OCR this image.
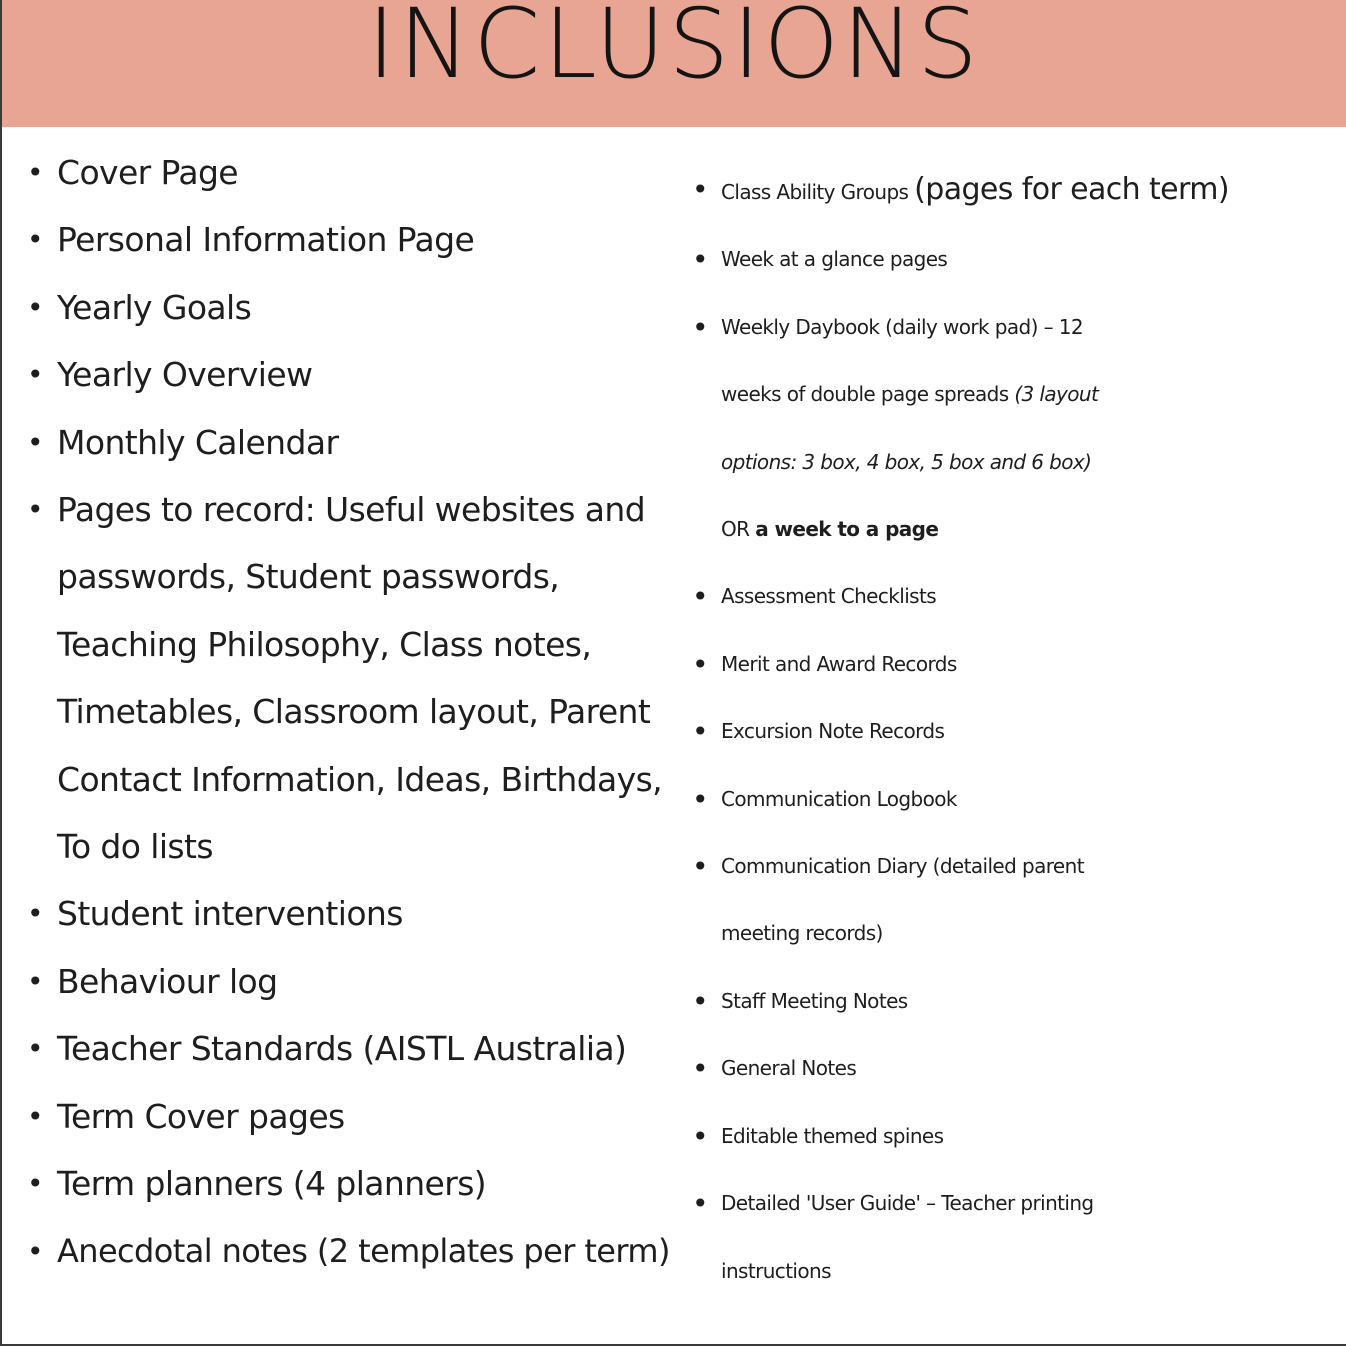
INCLUSIONS
• Cover Page
• Personal Information Page
• Yearly Goals
• Yearly Overview
• Monthly Calendar
• Pages to record: Useful websites and
passwords, Student passwords,
Teaching Philosophy, Class notes,
Timetables, Classroom layout, Parent
Contact Information, Ideas, Birthdays,
To do lists
• Student interventions
• Behaviour log
• Teacher Standards (AISTL Australia)
• Term Cover pages
• Term planners (4 planners)
• Anecdotal notes (2 templates per term)
• Class Ability Groups (pages for each term)
• Week at a glance pages
• Weekly Daybook (daily work pad) – 12
weeks of double page spreads (3 layout
options: 3 box, 4 box, 5 box and 6 box)
OR a week to a page
• Assessment Checklists
• Merit and Award Records
• Excursion Note Records
• Communication Logbook
• Communication Diary (detailed parent
meeting records)
• Staff Meeting Notes
• General Notes
• Editable themed spines
• Detailed 'User Guide' – Teacher printing
instructions
